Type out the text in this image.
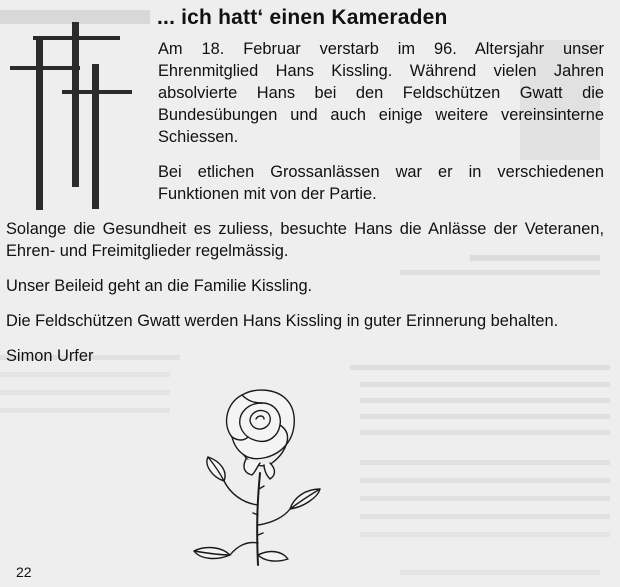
... ich hatt‘ einen Kameraden

Am 18. Februar verstarb im 96. Altersjahr unser Ehrenmitglied Hans Kissling. Während vielen Jahren absolvierte Hans bei den Feldschützen Gwatt die Bundesübungen und auch einige weitere vereinsinterne Schiessen.

Bei etlichen Grossanlässen war er in verschiedenen Funktionen mit von der Partie.

Solange die Gesundheit es zuliess, besuchte Hans die Anlässe der Veteranen, Ehren- und Freimitglieder regelmässig.

Unser Beileid geht an die Familie Kissling.

Die Feldschützen Gwatt werden Hans Kissling in guter Erinnerung behalten.

Simon Urfer

22
